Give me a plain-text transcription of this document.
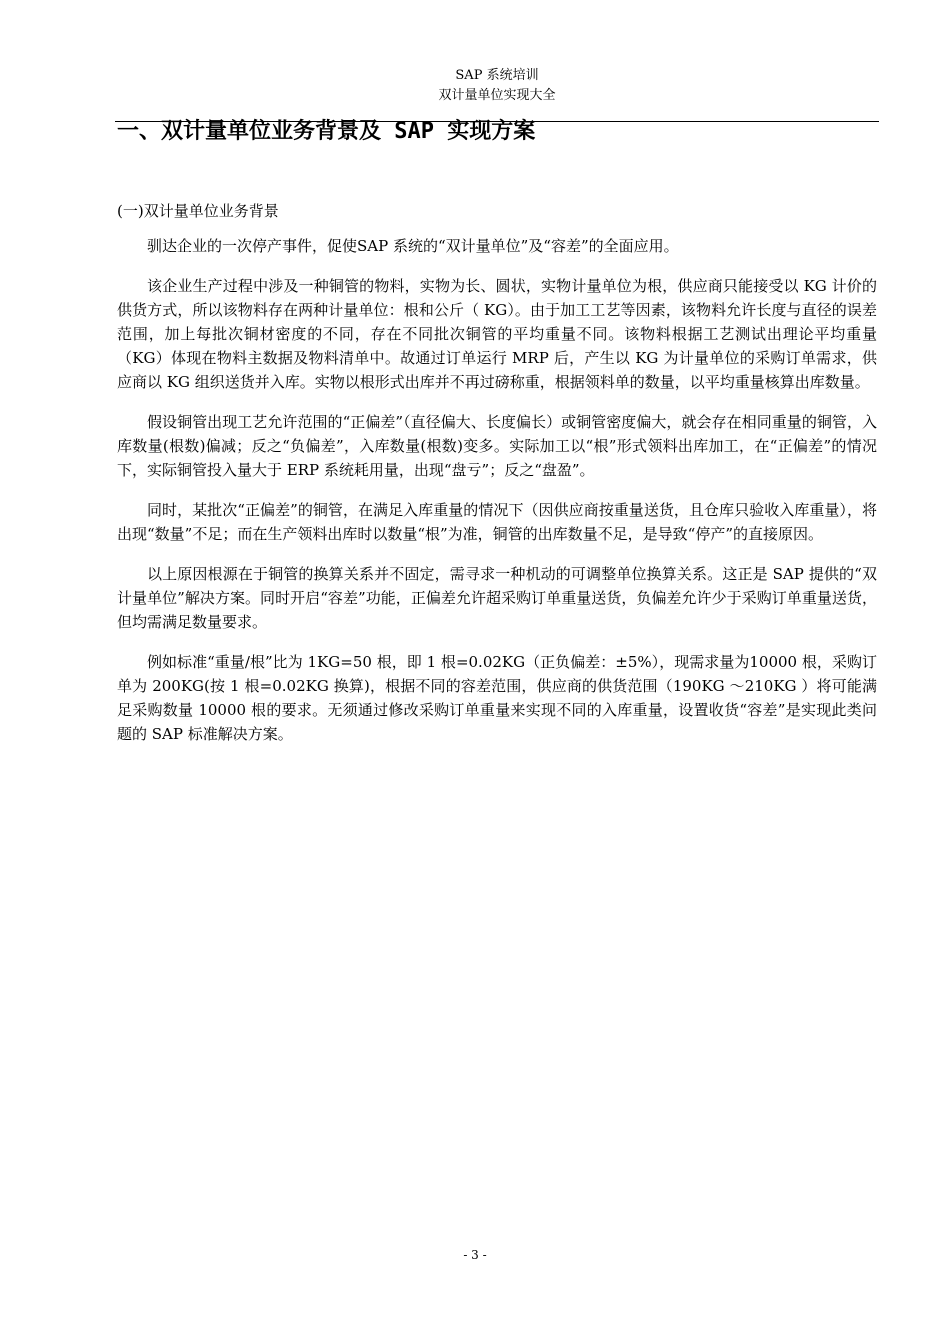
SAP 系统培训
双计量单位实现大全
一、双计量单位业务背景及 SAP 实现方案

(一)双计量单位业务背景

驯达企业的一次停产事件，促使SAP 系统的“双计量单位”及“容差”的全面应用。

该企业生产过程中涉及一种铜管的物料，实物为长、圆状，实物计量单位为根，供应商只能接受以 KG 计价的供货方式，所以该物料存在两种计量单位：根和公斤（ KG）。由于加工工艺等因素，该物料允许长度与直径的误差范围，加上每批次铜材密度的不同，存在不同批次铜管的平均重量不同。该物料根据工艺测试出理论平均重量（KG）体现在物料主数据及物料清单中。故通过订单运行 MRP 后，产生以 KG 为计量单位的采购订单需求，供应商以 KG 组织送货并入库。实物以根形式出库并不再过磅称重，根据领料单的数量，以平均重量核算出库数量。

假设铜管出现工艺允许范围的“正偏差”（直径偏大、长度偏长）或铜管密度偏大，就会存在相同重量的铜管，入库数量(根数)偏减；反之“负偏差”，入库数量(根数)变多。实际加工以“根”形式领料出库加工，在“正偏差”的情况下，实际铜管投入量大于 ERP 系统耗用量，出现“盘亏”；反之“盘盈”。

同时，某批次“正偏差”的铜管，在满足入库重量的情况下（因供应商按重量送货，且仓库只验收入库重量），将出现“数量”不足；而在生产领料出库时以数量“根”为准，铜管的出库数量不足，是导致“停产”的直接原因。

以上原因根源在于铜管的换算关系并不固定，需寻求一种机动的可调整单位换算关系。这正是 SAP 提供的“双计量单位”解决方案。同时开启“容差”功能，正偏差允许超采购订单重量送货，负偏差允许少于采购订单重量送货，但均需满足数量要求。

例如标准“重量/根”比为 1KG=50 根，即 1 根=0.02KG（正负偏差：±5%），现需求量为10000 根，采购订单为 200KG(按 1 根=0.02KG 换算)，根据不同的容差范围，供应商的供货范围（190KG ～210KG ）将可能满足采购数量 10000 根的要求。无须通过修改采购订单重量来实现不同的入库重量，设置收货“容差”是实现此类问题的 SAP 标准解决方案。

- 3 -
